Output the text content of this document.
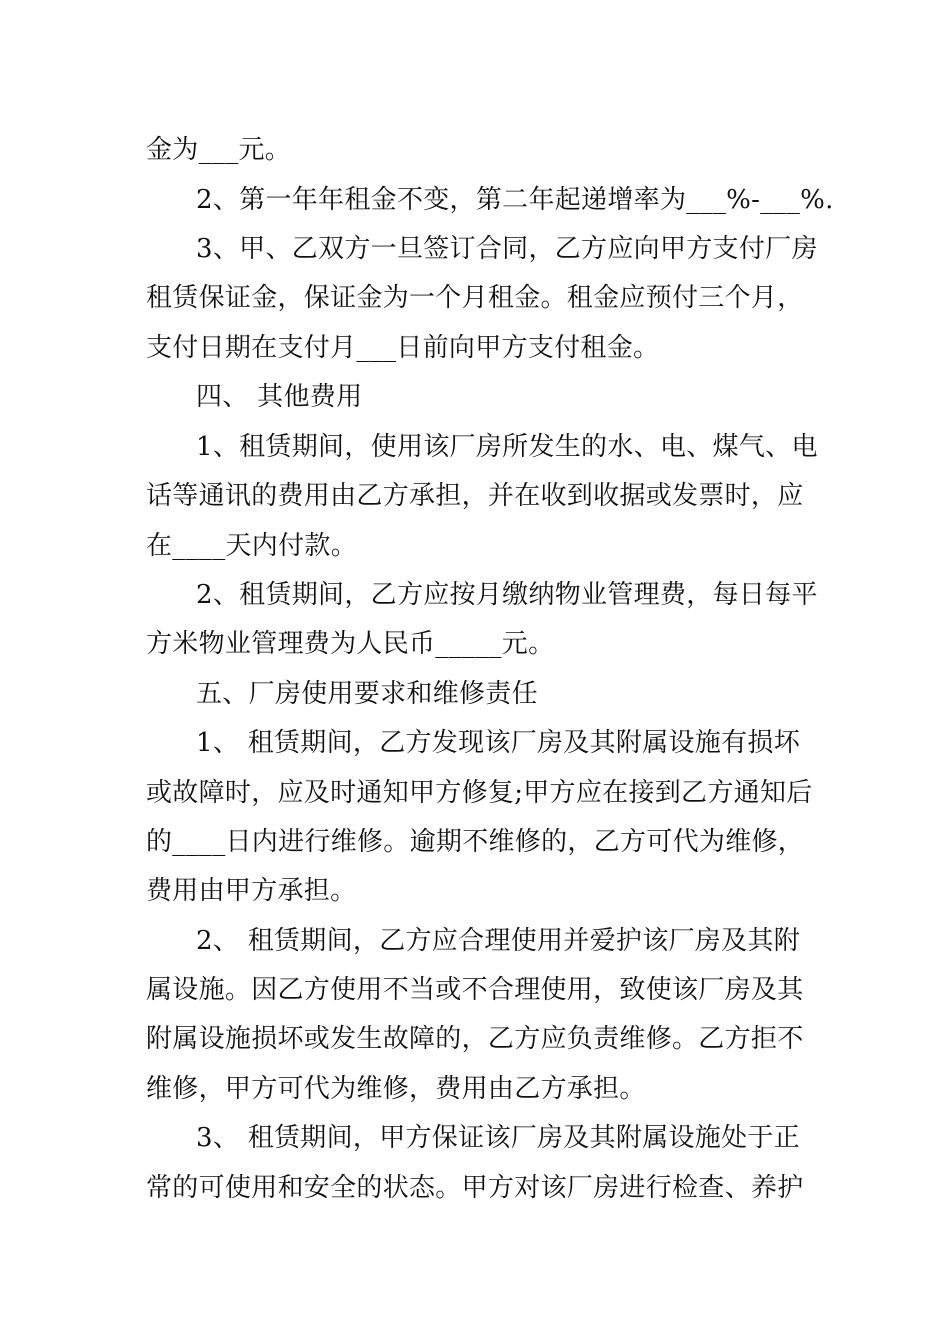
金为___元。
2、第一年年租金不变，第二年起递增率为___%-___%.
3、甲、乙双方一旦签订合同，乙方应向甲方支付厂房
租赁保证金，保证金为一个月租金。租金应预付三个月，
支付日期在支付月___日前向甲方支付租金。
四、 其他费用
1、租赁期间，使用该厂房所发生的水、电、煤气、电
话等通讯的费用由乙方承担，并在收到收据或发票时，应
在____天内付款。
2、租赁期间，乙方应按月缴纳物业管理费，每日每平
方米物业管理费为人民币_____元。
五、厂房使用要求和维修责任
1、 租赁期间，乙方发现该厂房及其附属设施有损坏
或故障时，应及时通知甲方修复;甲方应在接到乙方通知后
的____日内进行维修。逾期不维修的，乙方可代为维修，
费用由甲方承担。
2、 租赁期间，乙方应合理使用并爱护该厂房及其附
属设施。因乙方使用不当或不合理使用，致使该厂房及其
附属设施损坏或发生故障的，乙方应负责维修。乙方拒不
维修，甲方可代为维修，费用由乙方承担。
3、 租赁期间，甲方保证该厂房及其附属设施处于正
常的可使用和安全的状态。甲方对该厂房进行检查、养护
